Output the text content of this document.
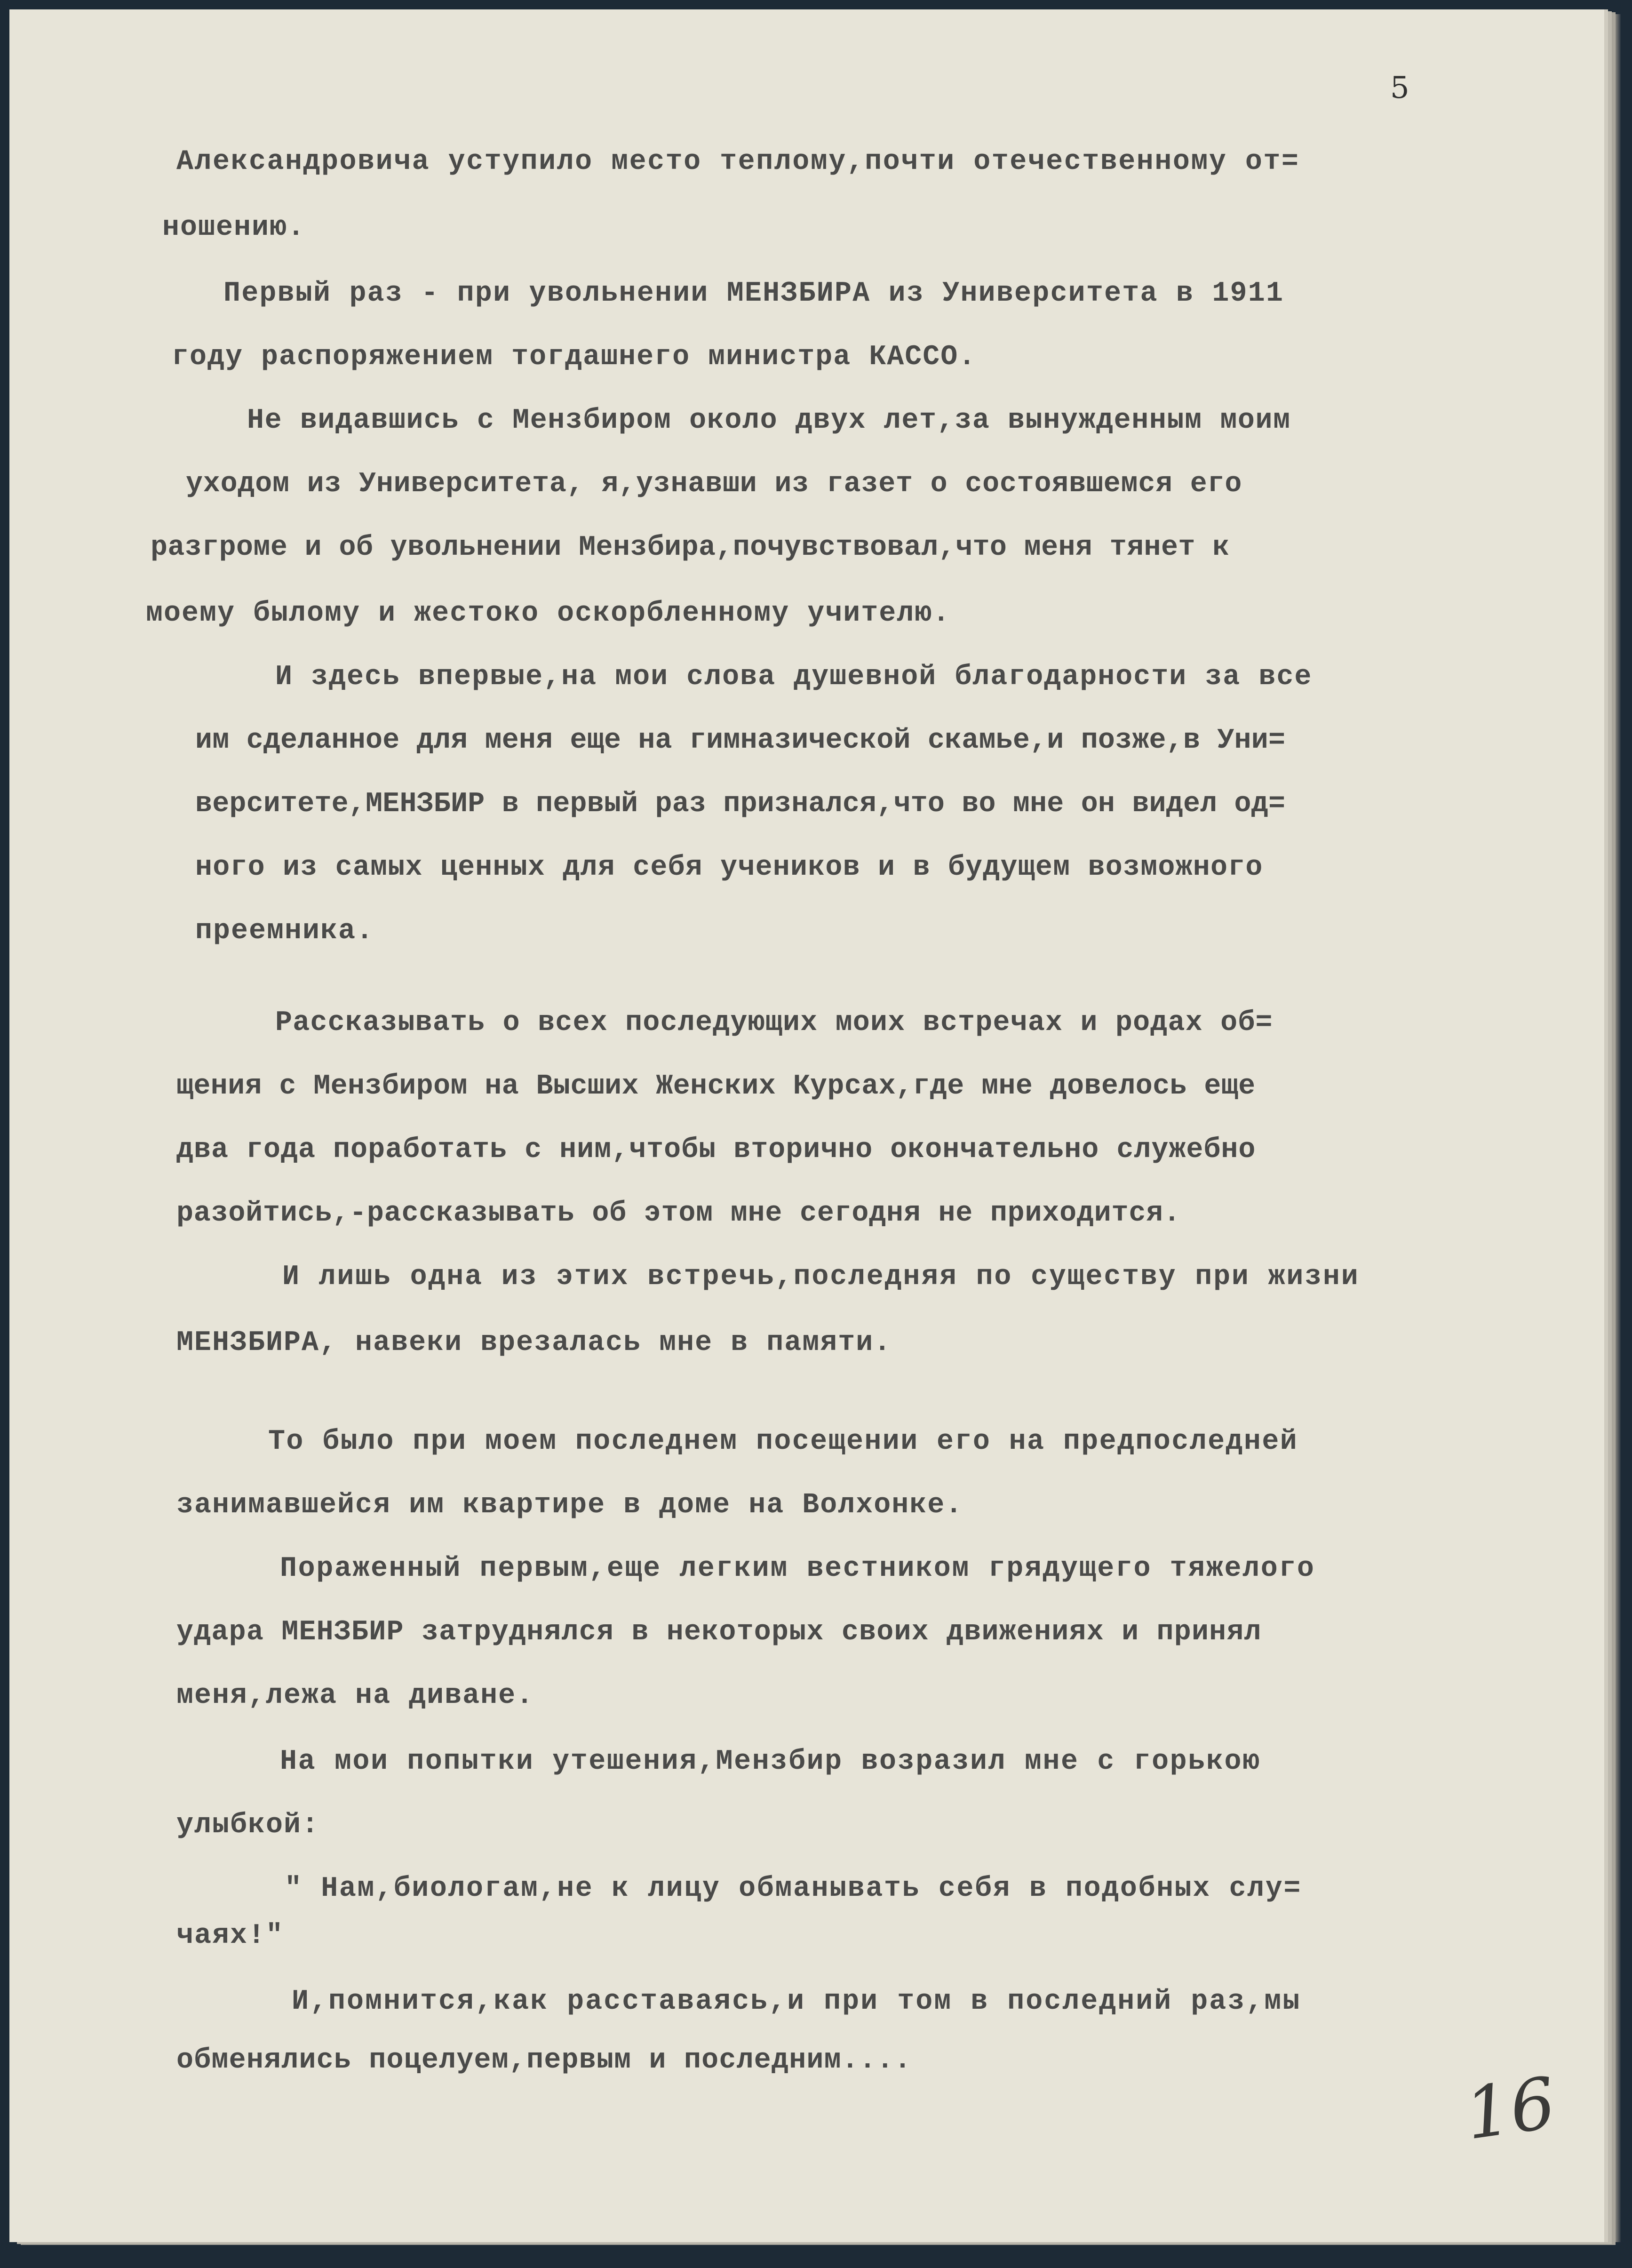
5
Александровича уступило место теплому,почти отечественному от=
ношению.
Первый раз - при увольнении МЕНЗБИРА из Университета в 1911
году распоряжением тогдашнего министра КАССО.
Не видавшись с Мензбиром около двух лет,за вынужденным моим
уходом из Университета, я,узнавши из газет о состоявшемся его
разгроме и об увольнении Мензбира,почувствовал,что меня тянет к
моему былому и жестоко оскорбленному учителю.
И здесь впервые,на мои слова душевной благодарности за все
им сделанное для меня еще на гимназической скамье,и позже,в Уни=
верситете,МЕНЗБИР в первый раз признался,что во мне он видел од=
ного из самых ценных для себя учеников и в будущем возможного
преемника.
Рассказывать о всех последующих моих встречах и родах об=
щения с Мензбиром на Высших Женских Курсах,где мне довелось еще
два года поработать с ним,чтобы вторично окончательно служебно
разойтись,-рассказывать об этом мне сегодня не приходится.
И лишь одна из этих встречь,последняя по существу при жизни
МЕНЗБИРА, навеки врезалась мне в памяти.
То было при моем последнем посещении его на предпоследней
занимавшейся им квартире в доме на Волхонке.
Пораженный первым,еще легким вестником грядущего тяжелого
удара МЕНЗБИР затруднялся в некоторых своих движениях и принял
меня,лежа на диване.
На мои попытки утешения,Мензбир возразил мне с горькою
улыбкой:
" Нам,биологам,не к лицу обманывать себя в подобных слу=
чаях!"
И,помнится,как расставаясь,и при том в последний раз,мы
обменялись поцелуем,первым и последним....
16
